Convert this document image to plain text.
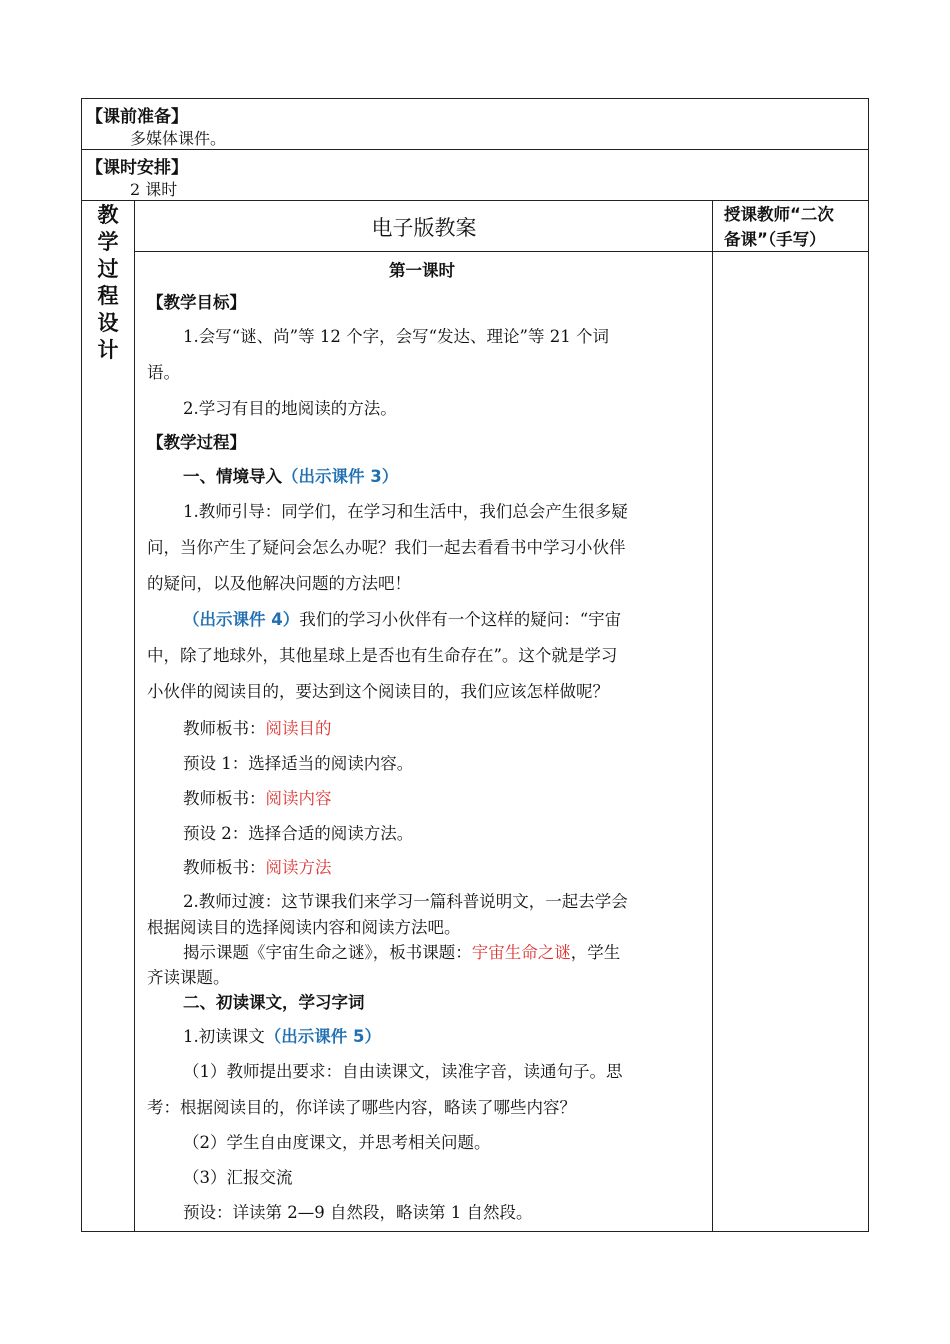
【课前准备】
多媒体课件。
【课时安排】
2 课时
教
学
过
程
设
计
电子版教案
授课教师“二次
备课”（手写）
第一课时
【教学目标】
1.会写“谜、尚”等 12 个字，会写“发达、理论”等 21 个词
语。
2.学习有目的地阅读的方法。
【教学过程】
一、情境导入（出示课件 3）
1.教师引导：同学们，在学习和生活中，我们总会产生很多疑
问，当你产生了疑问会怎么办呢？我们一起去看看书中学习小伙伴
的疑问，以及他解决问题的方法吧！
（出示课件 4）我们的学习小伙伴有一个这样的疑问：“宇宙
中，除了地球外，其他星球上是否也有生命存在”。这个就是学习
小伙伴的阅读目的，要达到这个阅读目的，我们应该怎样做呢？
教师板书：阅读目的
预设 1：选择适当的阅读内容。
教师板书：阅读内容
预设 2：选择合适的阅读方法。
教师板书：阅读方法
2.教师过渡：这节课我们来学习一篇科普说明文，一起去学会
根据阅读目的选择阅读内容和阅读方法吧。
揭示课题《宇宙生命之谜》，板书课题：宇宙生命之谜，学生
齐读课题。
二、初读课文，学习字词
1.初读课文（出示课件 5）
（1）教师提出要求：自由读课文，读准字音，读通句子。思
考：根据阅读目的，你详读了哪些内容，略读了哪些内容？
（2）学生自由度课文，并思考相关问题。
（3）汇报交流
预设：详读第 2—9 自然段，略读第 1 自然段。
